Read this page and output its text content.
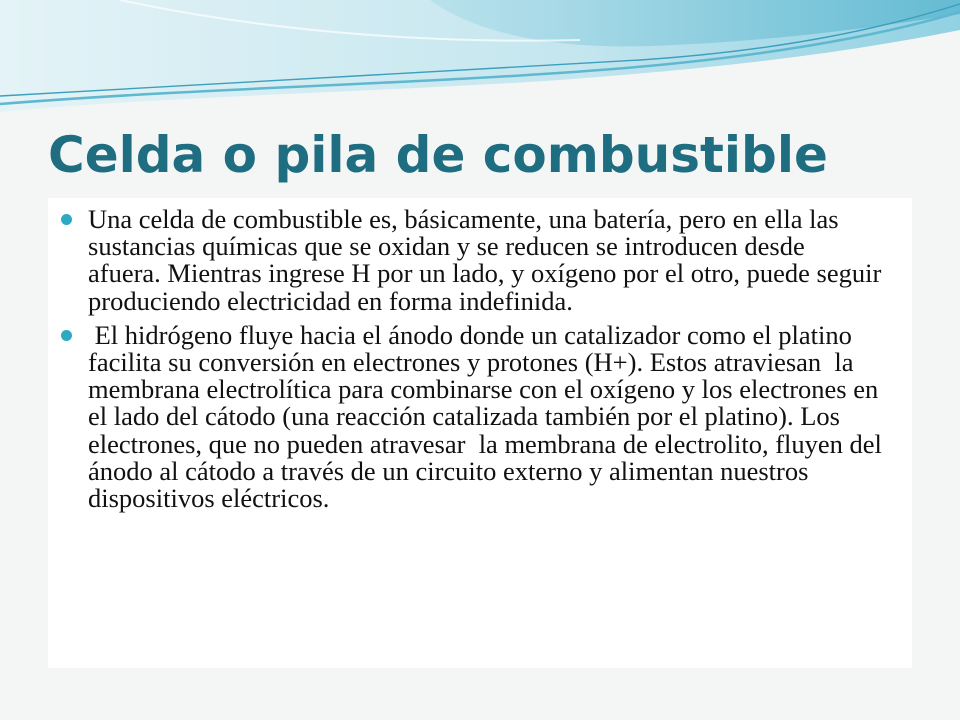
Celda o pila de combustible
Una celda de combustible es, básicamente, una batería, pero en ella las sustancias químicas que se oxidan y se reducen se introducen desde afuera. Mientras ingrese H por un lado, y oxígeno por el otro, puede seguir produciendo electricidad en forma indefinida.
El hidrógeno fluye hacia el ánodo donde un catalizador como el platino facilita su conversión en electrones y protones (H+). Estos atraviesan  la membrana electrolítica para combinarse con el oxígeno y los electrones en el lado del cátodo (una reacción catalizada también por el platino). Los electrones, que no pueden atravesar  la membrana de electrolito, fluyen del ánodo al cátodo a través de un circuito externo y alimentan nuestros dispositivos eléctricos.
